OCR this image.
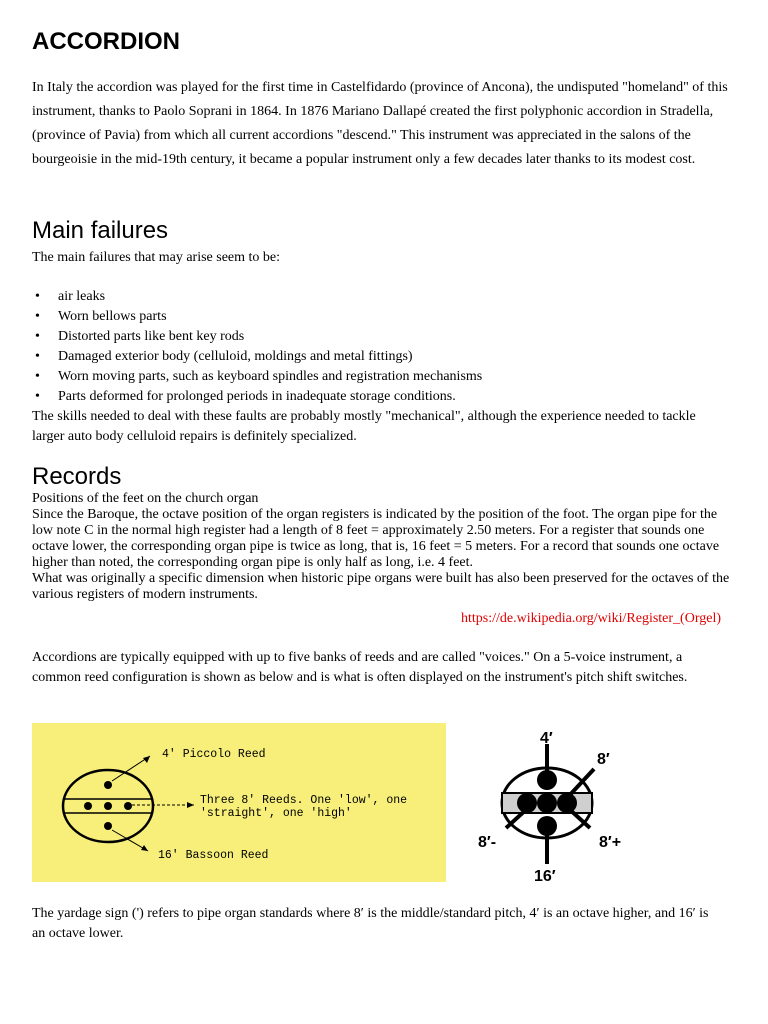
ACCORDION

In Italy the accordion was played for the first time in Castelfidardo (province of Ancona), the undisputed "homeland" of this instrument, thanks to Paolo Soprani in 1864. In 1876 Mariano Dallapé created the first polyphonic accordion in Stradella, (province of Pavia) from which all current accordions "descend." This instrument was appreciated in the salons of the bourgeoisie in the mid-19th century, it became a popular instrument only a few decades later thanks to its modest cost.

Main failures

The main failures that may arise seem to be:

• air leaks
• Worn bellows parts
• Distorted parts like bent key rods
• Damaged exterior body (celluloid, moldings and metal fittings)
• Worn moving parts, such as keyboard spindles and registration mechanisms
• Parts deformed for prolonged periods in inadequate storage conditions.

The skills needed to deal with these faults are probably mostly "mechanical", although the experience needed to tackle larger auto body celluloid repairs is definitely specialized.

Records

Positions of the feet on the church organ
Since the Baroque, the octave position of the organ registers is indicated by the position of the foot. The organ pipe for the low note C in the normal high register had a length of 8 feet = approximately 2.50 meters. For a register that sounds one octave lower, the corresponding organ pipe is twice as long, that is, 16 feet = 5 meters. For a record that sounds one octave higher than noted, the corresponding organ pipe is only half as long, i.e. 4 feet.
What was originally a specific dimension when historic pipe organs were built has also been preserved for the octaves of the various registers of modern instruments.

https://de.wikipedia.org/wiki/Register_(Orgel)

Accordions are typically equipped with up to five banks of reeds and are called "voices." On a 5-voice instrument, a common reed configuration is shown as below and is what is often displayed on the instrument's pitch shift switches.

4' Piccolo Reed
Three 8' Reeds. One 'low', one
'straight', one 'high'
16' Bassoon Reed
4′
8′
8′-	8′+
16′

The yardage sign (') refers to pipe organ standards where 8′ is the middle/standard pitch, 4′ is an octave higher, and 16′ is an octave lower.
